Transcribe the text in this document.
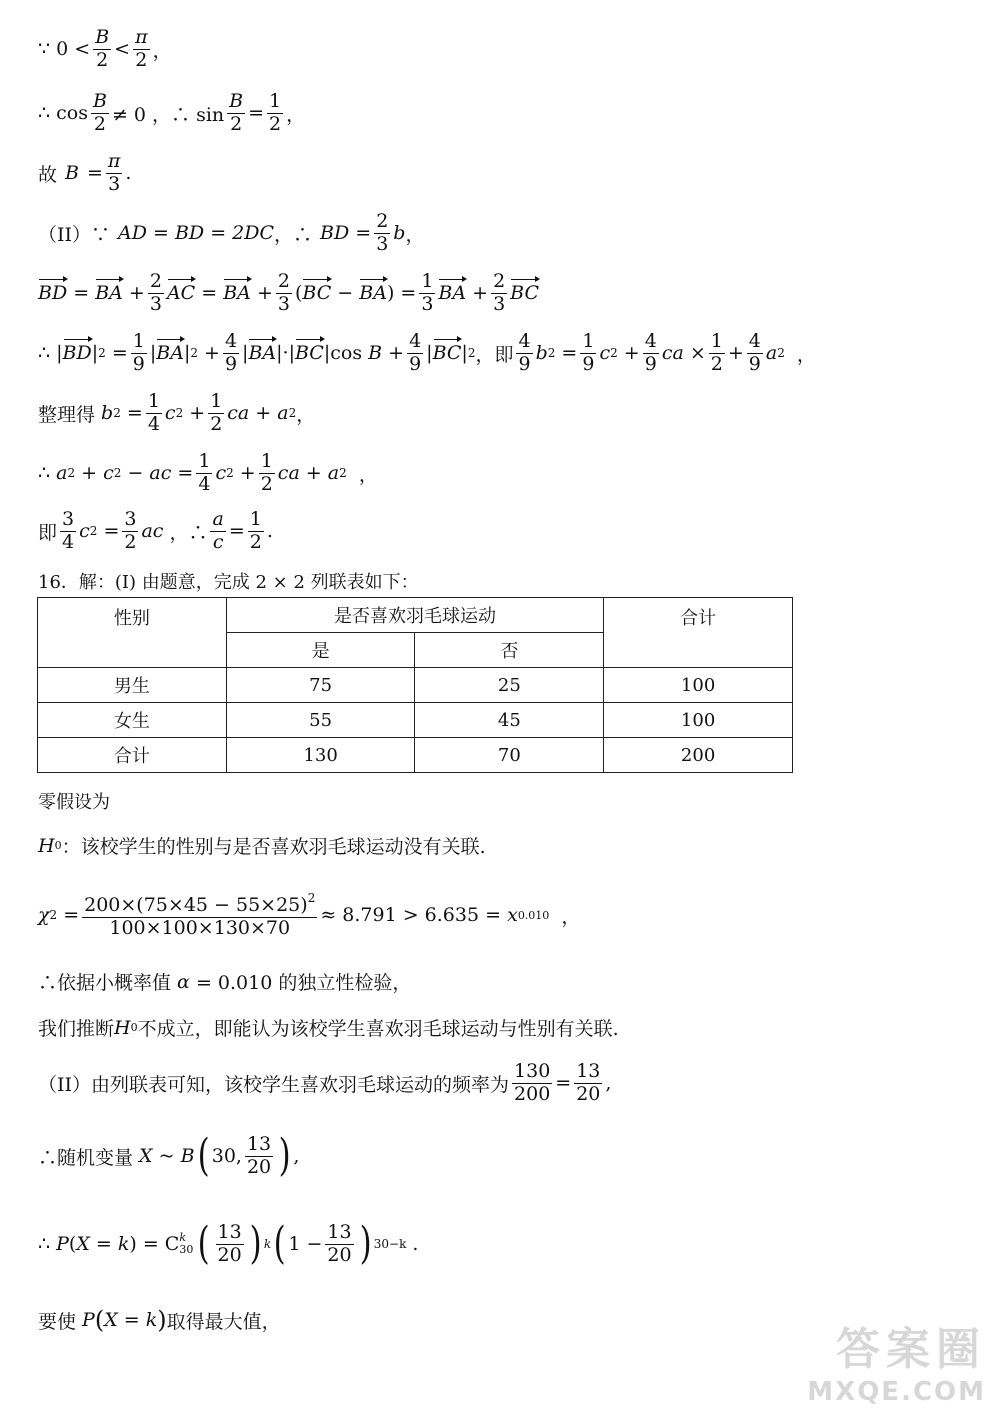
∵ $0 < \frac{B}{2} < \frac{\pi}{2}$ ，
∴ $\cos \frac{B}{2} \ne 0$ ，∴ $\sin \frac{B}{2} = \frac{1}{2}$ ，
故 $B = \frac{\pi}{3}$ .
（II）∵ AD = BD = 2DC ，∴ BD = $\frac{2}{3}$ b ，
BD = BA + $\frac{2}{3}$ AC = BA + $\frac{2}{3}$ ( BC − BA ) = $\frac{1}{3}$ BA + $\frac{2}{3}$ BC
∴ | BD | $2 = \frac{1}{9}$ | BA | $2 + \frac{4}{9}$ | BA |·| BC |cos $B + \frac{4}{9}$ | BC | 2 ，即 $\frac{4}{9}$ b $2 = \frac{1}{9}$ c $2 + \frac{4}{9}$ ca × $\frac{1}{2} + \frac{4}{9}$ a 2 ，
整理得 b $2 = \frac{1}{4}$ c $2 + \frac{1}{2}$ ca + a 2 ，
∴ a 2 + c 2 − ac = $\frac{1}{4}$ c $2 + \frac{1}{2}$ ca + a 2 ，
即 $\frac{3}{4}$ c $2 = \frac{3}{2}$ ac ，∴ $\frac{a}{c} = \frac{1}{2}$ .
16．解：(I) 由题意，完成 2 × 2 列联表如下：
性别	是否喜欢羽毛球运动		合计
	是	否	
男生	75	25	100
女生	55	45	100
合计	130	70	200
零假设为
H 0 ：该校学生的性别与是否喜欢羽毛球运动没有关联.
χ $2 = \frac{200\times(75\times 45 - 55\times 25)^2}{100\times 100\times 130\times 70} \approx 8.791 > 6.635 = x$ 0.010 ，
∴依据小概率值 α = 0.010 的独立性检验，
我们推断 H 0 不成立，即能认为该校学生喜欢羽毛球运动与性别有关联.
（II）由列联表可知，该校学生喜欢羽毛球运动的频率为 $\frac{130}{200} = \frac{13}{20}$ ,
∴随机变量 X ~ B ( 30, $\frac{13}{20}$ ) ,
∴ P ( X = k ) = C k
30 ( $\frac{13}{20}$ ) k ( $1 - \frac{13}{20}$ ) 30−k .
要使 P ( X = k ) 取得最大值，
答案圈
MXQE.COM
